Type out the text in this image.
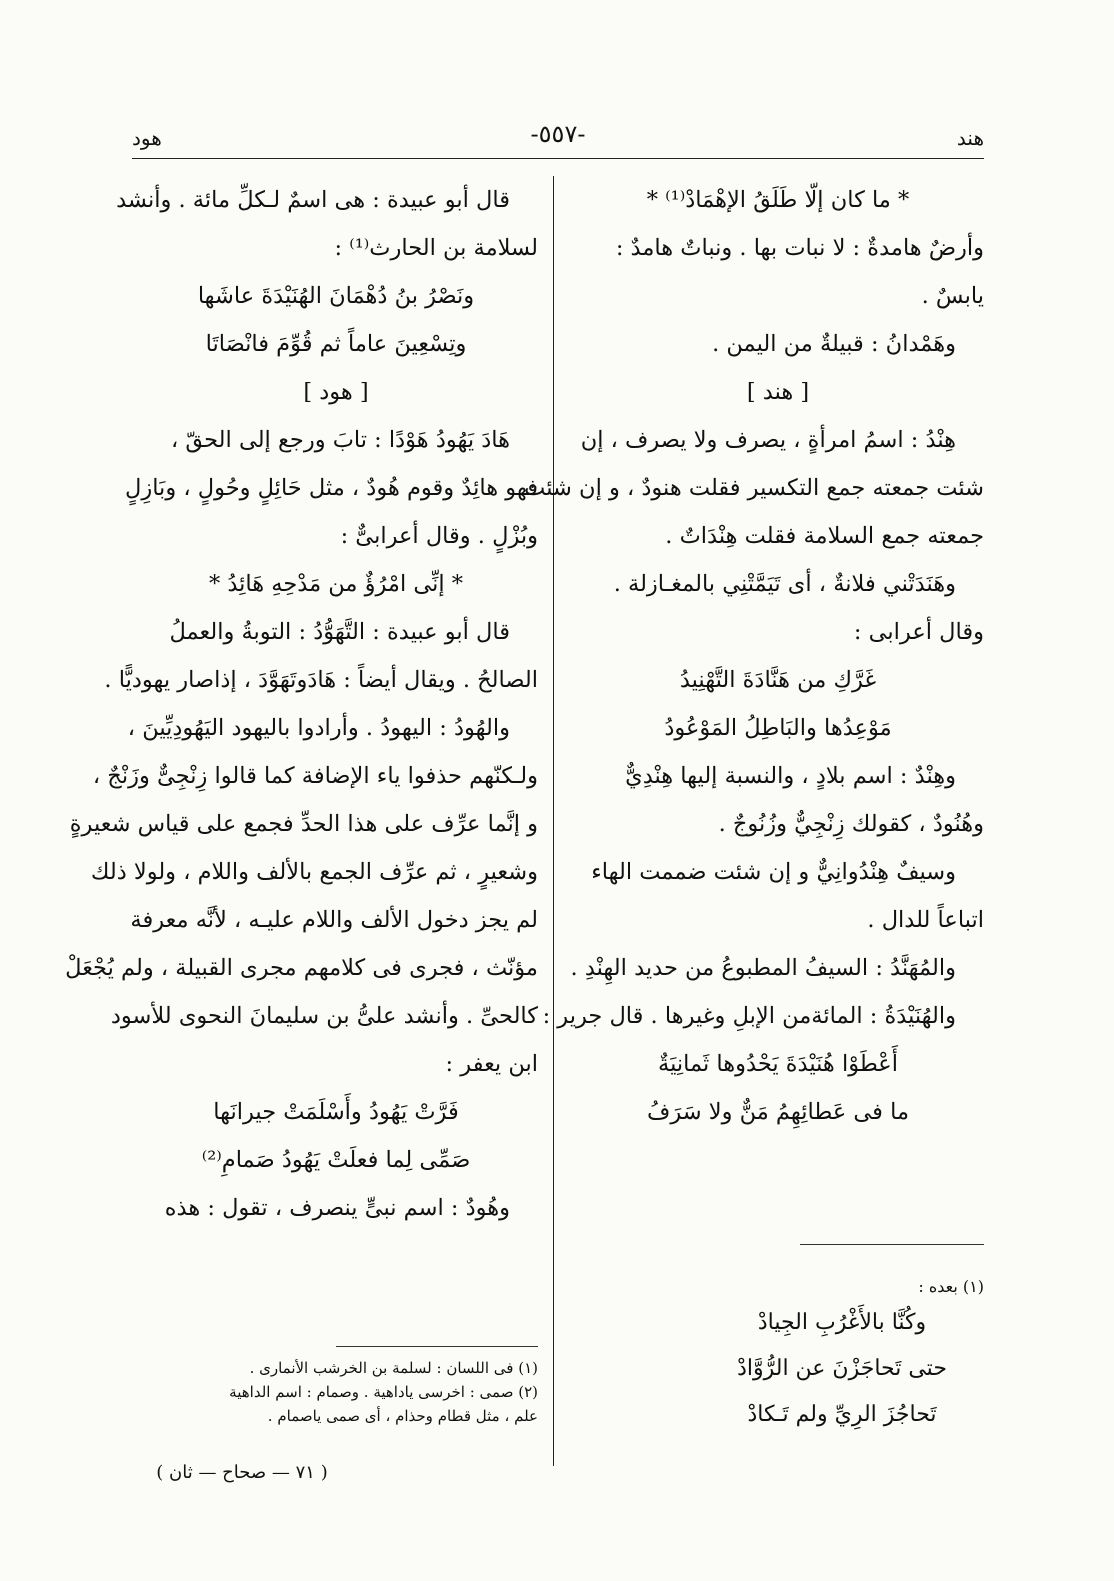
هند
-٥٥٧-
هود
* ما كان إلّا طَلَقُ الإهْمَادْ⁽¹⁾ *
وأرضٌ هامدةٌ : لا نبات بها . ونباتٌ هامدٌ :
يابسٌ .
وهَمْدانُ : قبيلةٌ من اليمن .
[ هند ]
هِنْدُ : اسمُ امرأةٍ ، يصرف ولا يصرف ، إن
شئت جمعته جمع التكسير فقلت هنودٌ ، و إن شئت
جمعته جمع السلامة فقلت هِنْدَاتٌ .
وهَنَدَتْني فلانةٌ ، أى تَيَمَّتْنِي بالمغـازلة .
وقال أعرابى :
غَرَّكِ من هَنَّادَةَ التَّهْنِيدُ
مَوْعِدُها والبَاطِلُ المَوْعُودُ
وهِنْدٌ : اسم بلادٍ ، والنسبة إليها هِنْدِيٌّ
وهُنُودٌ ، كقولك زِنْجِيٌّ وزُنُوجٌ .
وسيفٌ هِنْدُوانِيٌّ و إن شئت ضممت الهاء
اتباعاً للدال .
والمُهَنَّدُ : السيفُ المطبوعُ من حديد الهِنْدِ .
والهُنَيْدَةُ : المائةمن الإبلِ وغيرها . قال جرير :
أَعْطَوْا هُنَيْدَةَ يَحْدُوها ثَمانِيَةٌ
ما فى عَطائِهِمُ مَنٌّ ولا سَرَفُ
قال أبو عبيدة : هى اسمٌ لـكلِّ مائة . وأنشد
لسلامة بن الحارث⁽¹⁾ :
ونَصْرُ بنُ دُهْمَانَ الهُنَيْدَةَ عاشَها
وتِسْعِينَ عاماً ثم قُوِّمَ فانْصَاتَا
[ هود ]
هَادَ يَهُودُ هَوْدًا : تابَ ورجع إلى الحقّ ،
فهو هائِدٌ وقوم هُودٌ ، مثل حَائِلٍ وحُولٍ ، وبَازِلٍ
وبُزْلٍ . وقال أعرابىٌّ :
* إنِّى امْرُؤٌ من مَدْحِهِ هَائِدُ *
قال أبو عبيدة : التَّهَوُّدُ : التوبةُ والعملُ
الصالحُ . ويقال أيضاً : هَادَوتَهَوَّدَ ، إذاصار يهوديًّا .
والهُودُ : اليهودُ . وأرادوا باليهود اليَهُودِيِّينَ ،
ولـكنّهم حذفوا ياء الإضافة كما قالوا زِنْجِىٌّ وزَنْجٌ ،
و إنَّما عرِّف على هذا الحدِّ فجمع على قياس شعيرةٍ
وشعيرٍ ، ثم عرِّف الجمع بالألف واللام ، ولولا ذلك
لم يجز دخول الألف واللام عليـه ، لأنَّه معرفة
مؤنّث ، فجرى فى كلامهم مجرى القبيلة ، ولم يُجْعَلْ
كالحىِّ . وأنشد علىُّ بن سليمانَ النحوى للأسود
ابن يعفر :
فَرَّتْ يَهُودُ وأَسْلَمَتْ جيرانَها
صَمِّى لِما فعلَتْ يَهُودُ صَمامِ⁽²⁾
وهُودٌ : اسم نبىٍّ ينصرف ، تقول : هذه
(١) بعده :
وكُنَّا بالأَغْرُبِ الجِيادْ
حتى تَحاجَزْنَ عن الرُّوَّادْ
تَحاجُزَ الرِيِّ ولم تَـكادْ
(١) فى اللسان : لسلمة بن الخرشب الأنمارى .
(٢) صمى : اخرسى ياداهية . وصمام : اسم الداهية
علم ، مثل قطام وحذام ، أى صمى ياصمام .
( ٧١ — صحاح — ثان )
